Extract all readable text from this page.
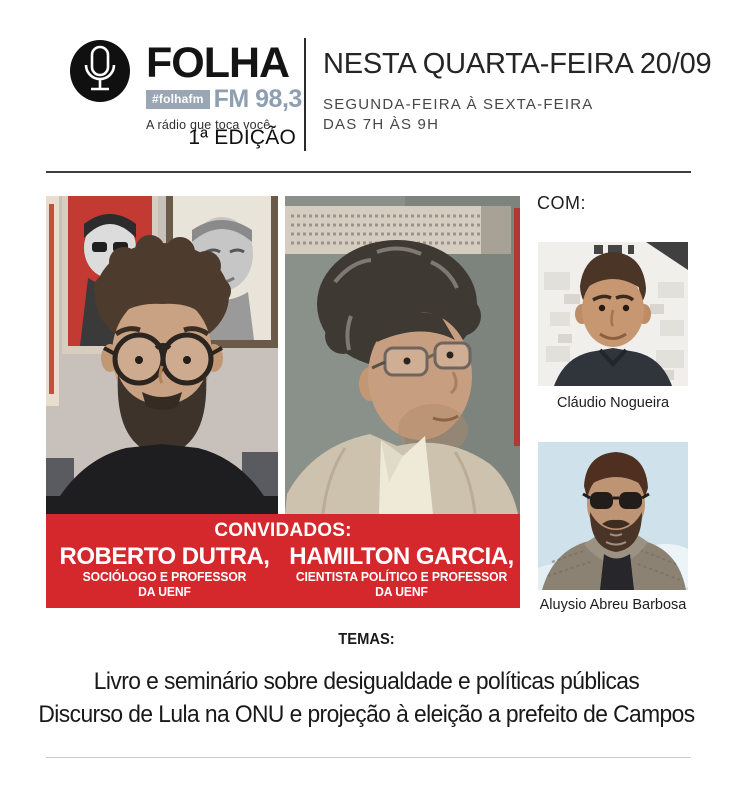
FOLHA
#folhafm FM 98,3
A rádio que toca você.
1ª EDIÇÃO
NESTA QUARTA-FEIRA 20/09
SEGUNDA-FEIRA À SEXTA-FEIRA
DAS 7H ÀS 9H
CONVIDADOS:
ROBERTO DUTRA,
SOCIÓLOGO E PROFESSOR
DA UENF
HAMILTON GARCIA,
CIENTISTA POLÍTICO E PROFESSOR
DA UENF
COM:
Cláudio Nogueira
Aluysio Abreu Barbosa
TEMAS:
Livro e seminário sobre desigualdade e políticas públicas
Discurso de Lula na ONU e projeção à eleição a prefeito de Campos
